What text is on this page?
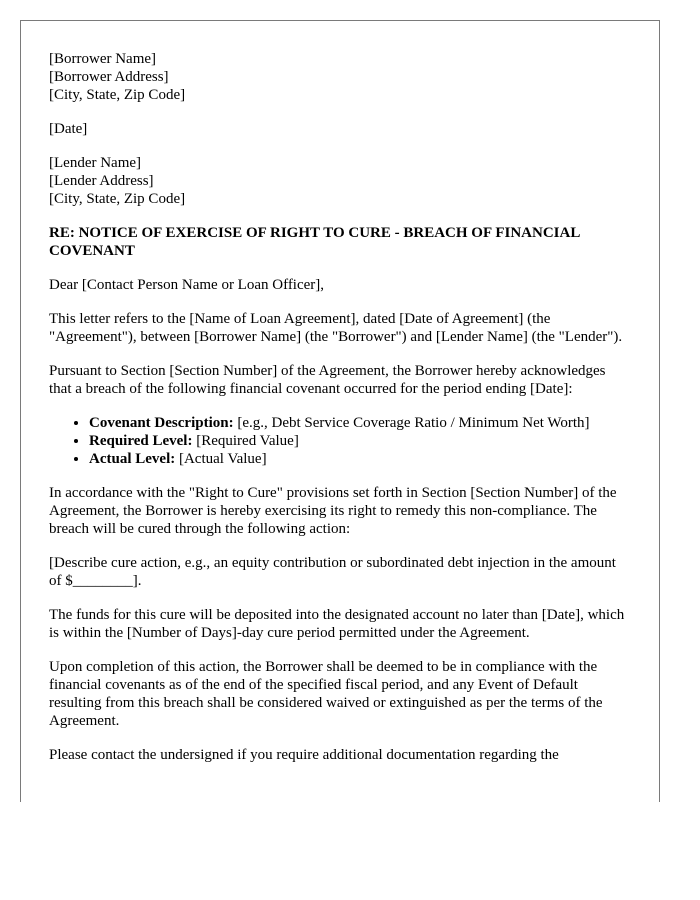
[Borrower Name]
[Borrower Address]
[City, State, Zip Code]
[Date]
[Lender Name]
[Lender Address]
[City, State, Zip Code]
RE: NOTICE OF EXERCISE OF RIGHT TO CURE - BREACH OF FINANCIAL COVENANT

Dear [Contact Person Name or Loan Officer],

This letter refers to the [Name of Loan Agreement], dated [Date of Agreement] (the "Agreement"), between [Borrower Name] (the "Borrower") and [Lender Name] (the "Lender").

Pursuant to Section [Section Number] of the Agreement, the Borrower hereby acknowledges that a breach of the following financial covenant occurred for the period ending [Date]:

• Covenant Description: [e.g., Debt Service Coverage Ratio / Minimum Net Worth]
• Required Level: [Required Value]
• Actual Level: [Actual Value]

In accordance with the "Right to Cure" provisions set forth in Section [Section Number] of the Agreement, the Borrower is hereby exercising its right to remedy this non-compliance. The breach will be cured through the following action:

[Describe cure action, e.g., an equity contribution or subordinated debt injection in the amount of $________].

The funds for this cure will be deposited into the designated account no later than [Date], which is within the [Number of Days]-day cure period permitted under the Agreement.

Upon completion of this action, the Borrower shall be deemed to be in compliance with the financial covenants as of the end of the specified fiscal period, and any Event of Default resulting from this breach shall be considered waived or extinguished as per the terms of the Agreement.

Please contact the undersigned if you require additional documentation regarding the
